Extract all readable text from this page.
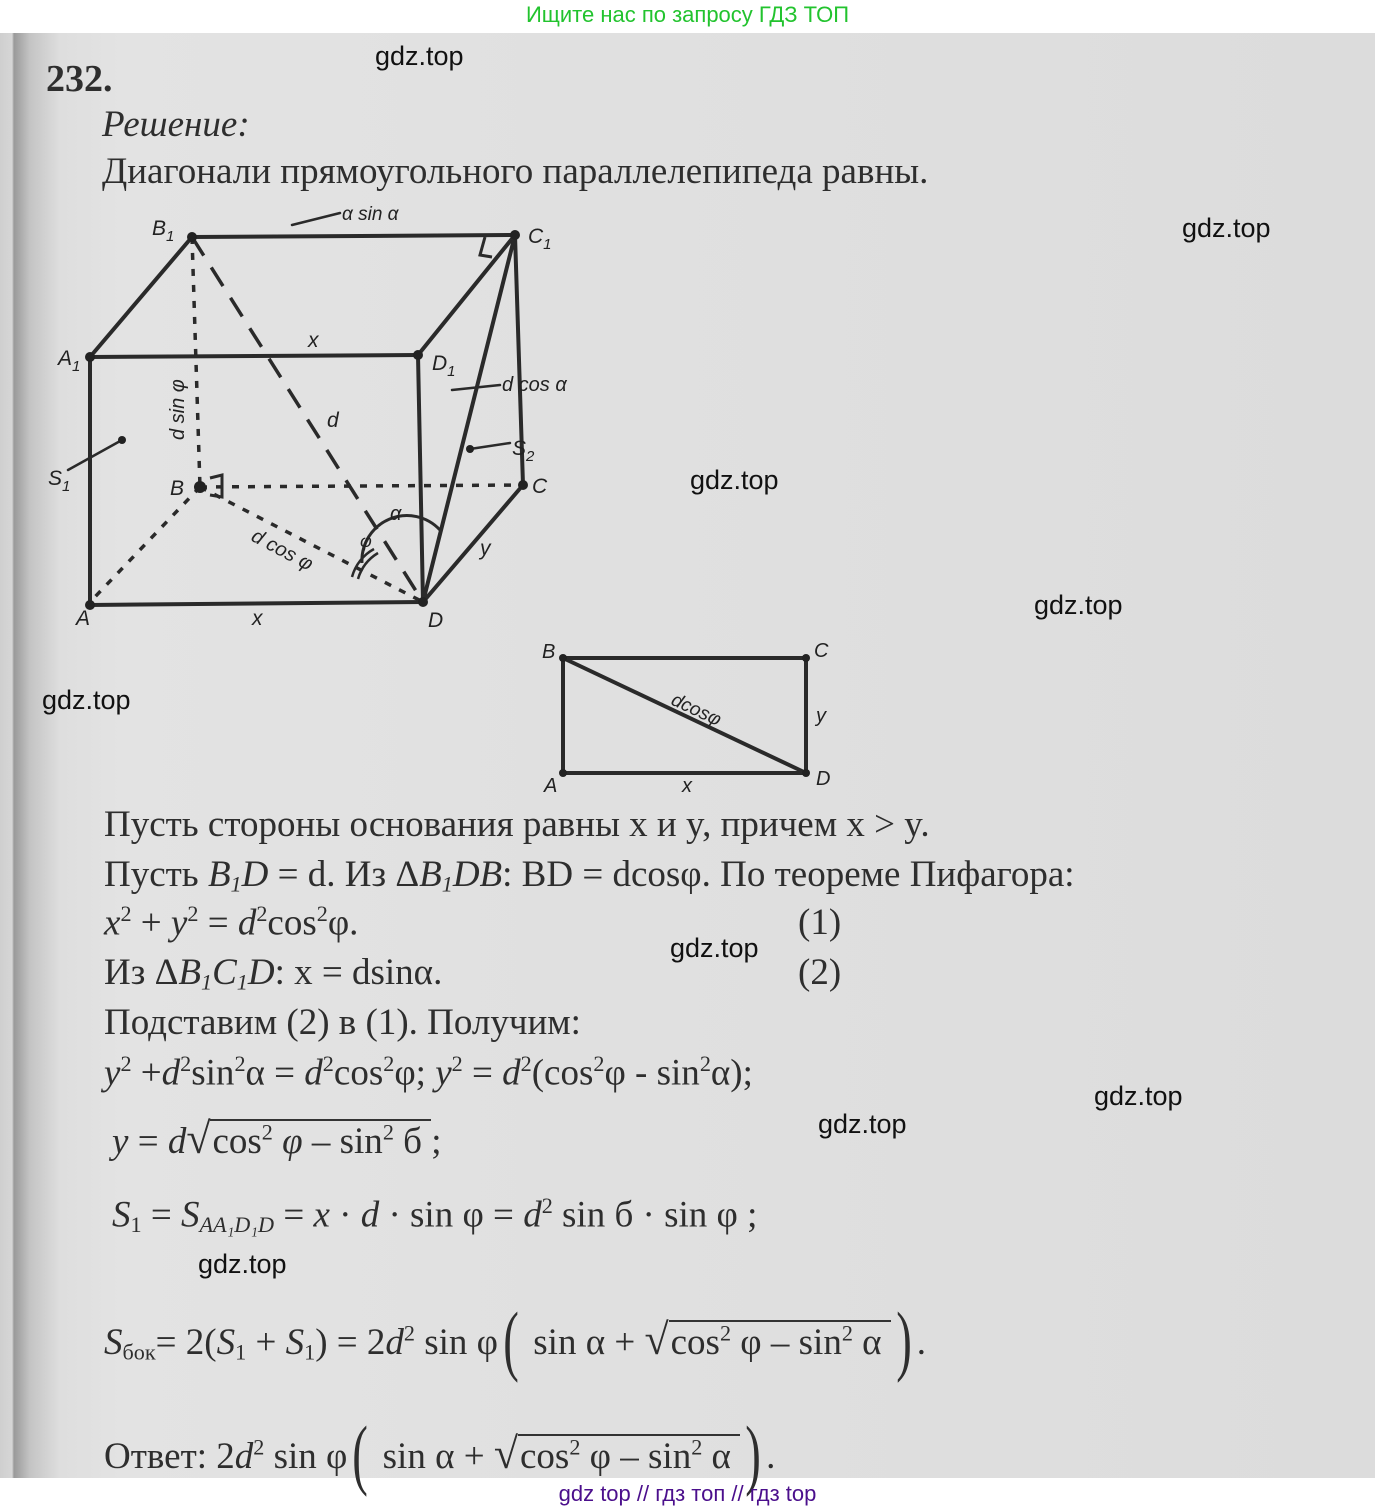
Ищите нас по запросу ГДЗ ТОП
232.
Решение:
Диагонали прямоугольного параллелепипеда равны.
$B_1$	$C_1$
$A_1$	$D_1$
A
B	C
D
$S_1$
$S_2$
α sin α
x
x
y
d
d cos α
α
φ
d sin φ
d cos φ
B	C
A	D
x
y
dcosφ
Пусть стороны основания равны x и y, причем x > y.
Пусть $B_1D = d$. Из $\Delta B_1DB$: BD = dcosφ. По теореме Пифагора:
$x^2 + y^2 = d^2\cos^2\varphi$.	(1)
Из $\Delta B_1C_1D$: x = dsinα.	(2)
Подставим (2) в (1). Получим:
$y^2 +d^2\sin^2\alpha = d^2\cos^2\varphi$; $y^2 = d^2(\cos^2\varphi - \sin^2\alpha)$;
$y = d√\cos^2$ φ – $\sin^2 б$ ;
$S_1 = S_{AA_1D_1D} = x \cdot d \cdot \sin \varphi = d^2$ sin б · sin φ ;
$S_{бок}= 2(S_1 + S_1) = 2d^2$ sin φ( $\sin \alpha + √\cos^2$ φ – $\sin^2 \alpha$ ) .
Ответ: $2d^2$ sin φ( $\sin \alpha + √\cos^2$ φ – $\sin^2 \alpha$ ) .
gdz.top
gdz.top
gdz.top
gdz.top
gdz.top
gdz.top
gdz.top
gdz.top
gdz.top
gdz top // гдз топ // гдз top
